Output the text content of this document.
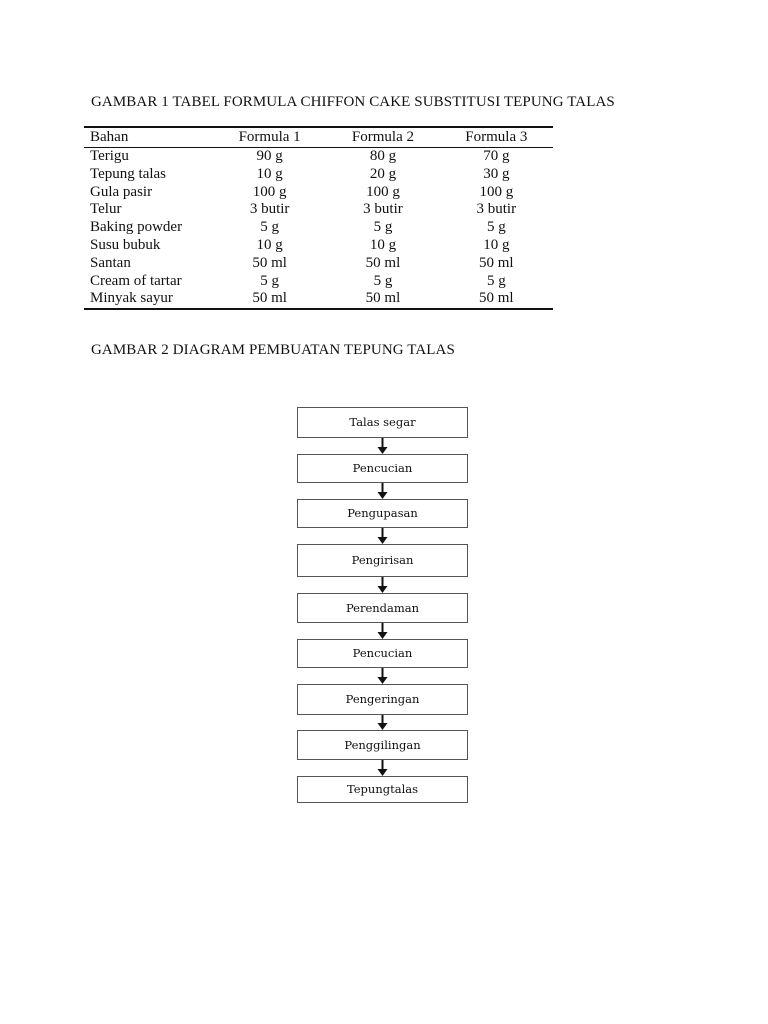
GAMBAR 1 TABEL FORMULA CHIFFON CAKE SUBSTITUSI TEPUNG TALAS
Bahan	Formula 1	Formula 2	Formula 3
Terigu	90 g	80 g	70 g
Tepung talas	10 g	20 g	30 g
Gula pasir	100 g	100 g	100 g
Telur	3 butir	3 butir	3 butir
Baking powder	5 g	5 g	5 g
Susu bubuk	10 g	10 g	10 g
Santan	50 ml	50 ml	50 ml
Cream of tartar	5 g	5 g	5 g
Minyak sayur	50 ml	50 ml	50 ml
GAMBAR 2 DIAGRAM PEMBUATAN TEPUNG TALAS
Talas segar
Pencucian
Pengupasan
Pengirisan
Perendaman
Pencucian
Pengeringan
Penggilingan
Tepungtalas
